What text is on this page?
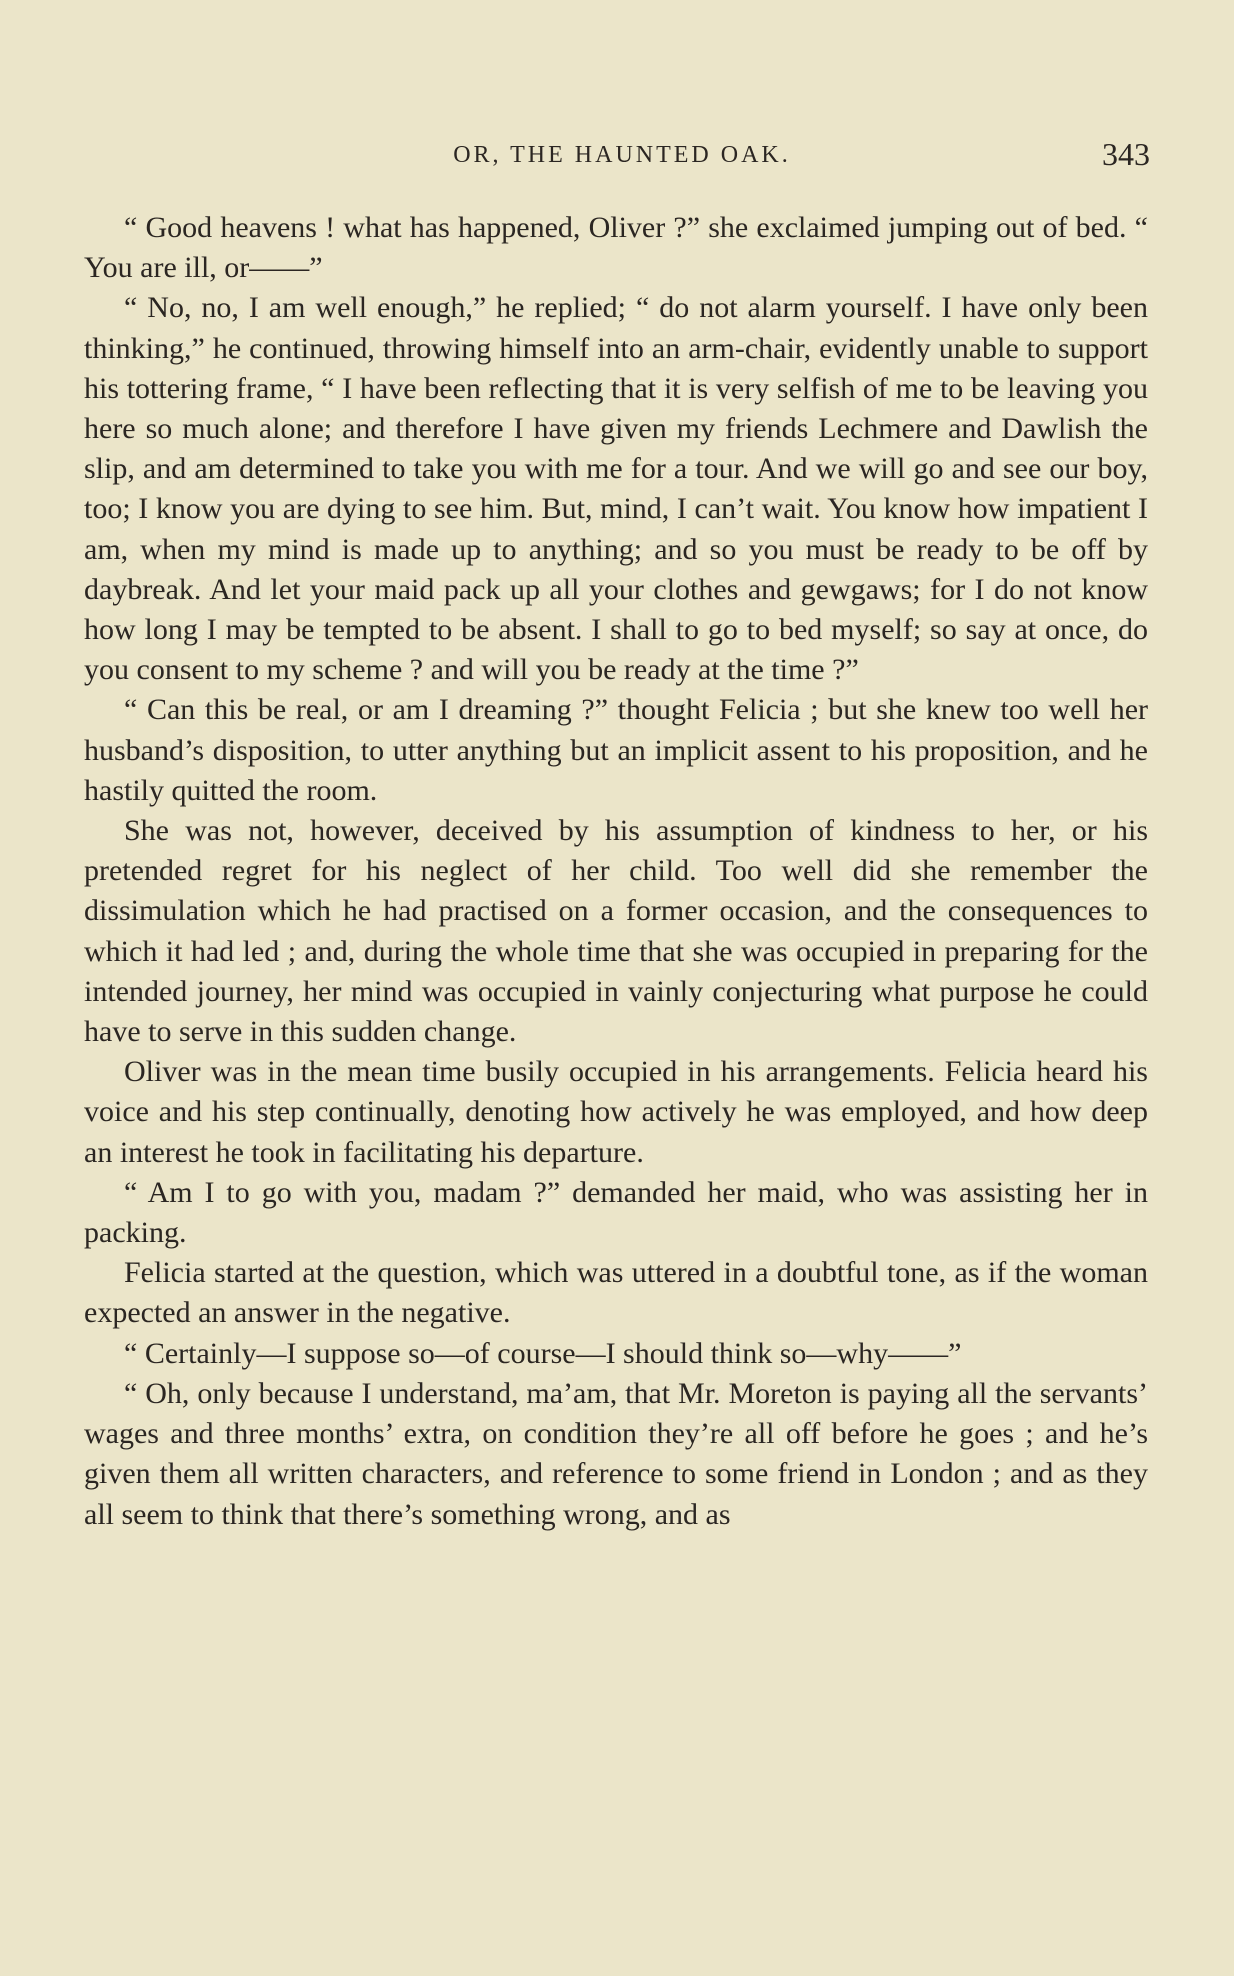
OR, THE HAUNTED OAK.	343

“ Good heavens ! what has happened, Oliver ?” she exclaimed jumping out of bed. “ You are ill, or——”

“ No, no, I am well enough,” he replied; “ do not alarm yourself. I have only been thinking,” he continued, throwing himself into an arm-chair, evidently unable to support his tottering frame, “ I have been reflecting that it is very selfish of me to be leaving you here so much alone; and therefore I have given my friends Lechmere and Dawlish the slip, and am determined to take you with me for a tour. And we will go and see our boy, too; I know you are dying to see him. But, mind, I can’t wait. You know how impatient I am, when my mind is made up to anything; and so you must be ready to be off by daybreak. And let your maid pack up all your clothes and gewgaws; for I do not know how long I may be tempted to be absent. I shall to go to bed myself; so say at once, do you consent to my scheme ? and will you be ready at the time ?”

“ Can this be real, or am I dreaming ?” thought Felicia ; but she knew too well her husband’s disposition, to utter anything but an implicit assent to his proposition, and he hastily quitted the room.

She was not, however, deceived by his assumption of kindness to her, or his pretended regret for his neglect of her child. Too well did she remember the dissimulation which he had practised on a former occasion, and the consequences to which it had led ; and, during the whole time that she was occupied in preparing for the intended journey, her mind was occupied in vainly conjecturing what purpose he could have to serve in this sudden change.

Oliver was in the mean time busily occupied in his arrangements. Felicia heard his voice and his step continually, denoting how actively he was employed, and how deep an interest he took in facilitating his departure.

“ Am I to go with you, madam ?” demanded her maid, who was assisting her in packing.

Felicia started at the question, which was uttered in a doubtful tone, as if the woman expected an answer in the negative.

“ Certainly—I suppose so—of course—I should think so—why——”

“ Oh, only because I understand, ma’am, that Mr. Moreton is paying all the servants’ wages and three months’ extra, on condition they’re all off before he goes ; and he’s given them all written characters, and reference to some friend in London ; and as they all seem to think that there’s something wrong, and as
